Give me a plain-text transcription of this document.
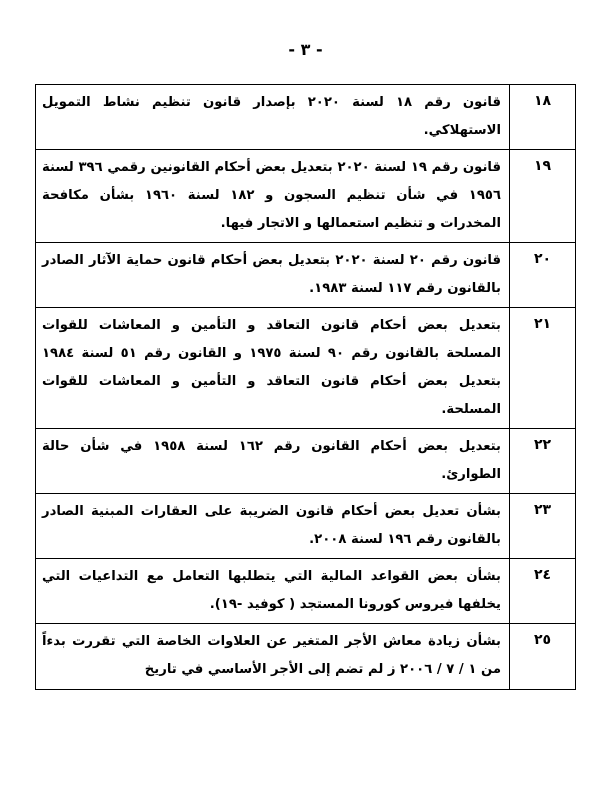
- ٣ -
١٨	قانون رقم ١٨ لسنة ٢٠٢٠ بإصدار قانون تنظيم نشاط التمويل الاستهلاكي.
١٩	قانون رقم ١٩ لسنة ٢٠٢٠ بتعديل بعض أحكام القانونين رقمي ٣٩٦ لسنة ١٩٥٦ في شأن تنظيم السجون و ١٨٢ لسنة ١٩٦٠ بشأن مكافحة المخدرات و تنظيم استعمالها و الاتجار فيها.
٢٠	قانون رقم ٢٠ لسنة ٢٠٢٠ بتعديل بعض أحكام قانون حماية الآثار الصادر بالقانون رقم ١١٧ لسنة ١٩٨٣.
٢١	بتعديل بعض أحكام قانون التعاقد و التأمين و المعاشات للقوات المسلحة بالقانون رقم ٩٠ لسنة ١٩٧٥ و القانون رقم ٥١ لسنة ١٩٨٤ بتعديل بعض أحكام قانون التعاقد و التأمين و المعاشات للقوات المسلحة.
٢٢	بتعديل بعض أحكام القانون رقم ١٦٢ لسنة ١٩٥٨ في شأن حالة الطوارئ.
٢٣	بشأن تعديل بعض أحكام قانون الضريبة على العقارات المبنية الصادر بالقانون رقم ١٩٦ لسنة ٢٠٠٨.
٢٤	بشأن بعض القواعد المالية التي يتطلبها التعامل مع التداعيات التي يخلفها فيروس كورونا المستجد ( كوفيد -١٩).
٢٥	بشأن زيادة معاش الأجر المتغير عن العلاوات الخاصة التي تقررت بدءاً من ١ / ٧ / ٢٠٠٦ ز لم تضم إلى الأجر الأساسي في تاريخ
